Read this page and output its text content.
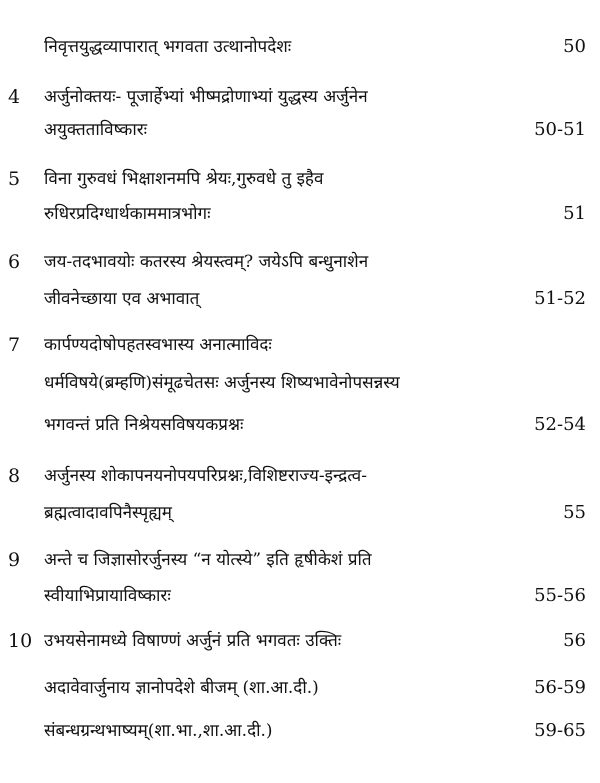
निवृत्तयुद्धव्यापारात् भगवता उत्थानोपदेशः	50
4	अर्जुनोक्तयः- पूजार्हेभ्यां भीष्मद्रोणाभ्यां युद्धस्य अर्जुनेन
अयुक्तताविष्कारः	50-51
5	विना गुरुवधं भिक्षाशनमपि श्रेयः,गुरुवधे तु इहैव
रुधिरप्रदिग्धार्थकाममात्रभोगः	51
6	जय-तदभावयोः कतरस्य श्रेयस्त्वम्? जयेऽपि बन्धुनाशेन
जीवनेच्छाया एव अभावात्	51-52
7	कार्पण्यदोषोपहतस्वभास्य अनात्माविदः
धर्मविषये(ब्रम्हणि)संमूढचेतसः अर्जुनस्य शिष्यभावेनोपसन्नस्य
भगवन्तं प्रति निश्रेयसविषयकप्रश्नः	52-54
8	अर्जुनस्य शोकापनयनोपयपरिप्रश्नः,विशिष्टराज्य-इन्द्रत्व-
ब्रह्मत्वादावपिनैस्पृह्यम्	55
9	अन्ते च जिज्ञासोरर्जुनस्य “न योत्स्ये” इति हृषीकेशं प्रति
स्वीयाभिप्रायाविष्कारः	55-56
10 उभयसेनामध्ये विषाण्णं अर्जुनं प्रति भगवतः उक्तिः	56
अदावेवार्जुनाय ज्ञानोपदेशे बीजम् (शा.आ.दी.)	56-59
संबन्धग्रन्थभाष्यम्(शा.भा.,शा.आ.दी.)	59-65
